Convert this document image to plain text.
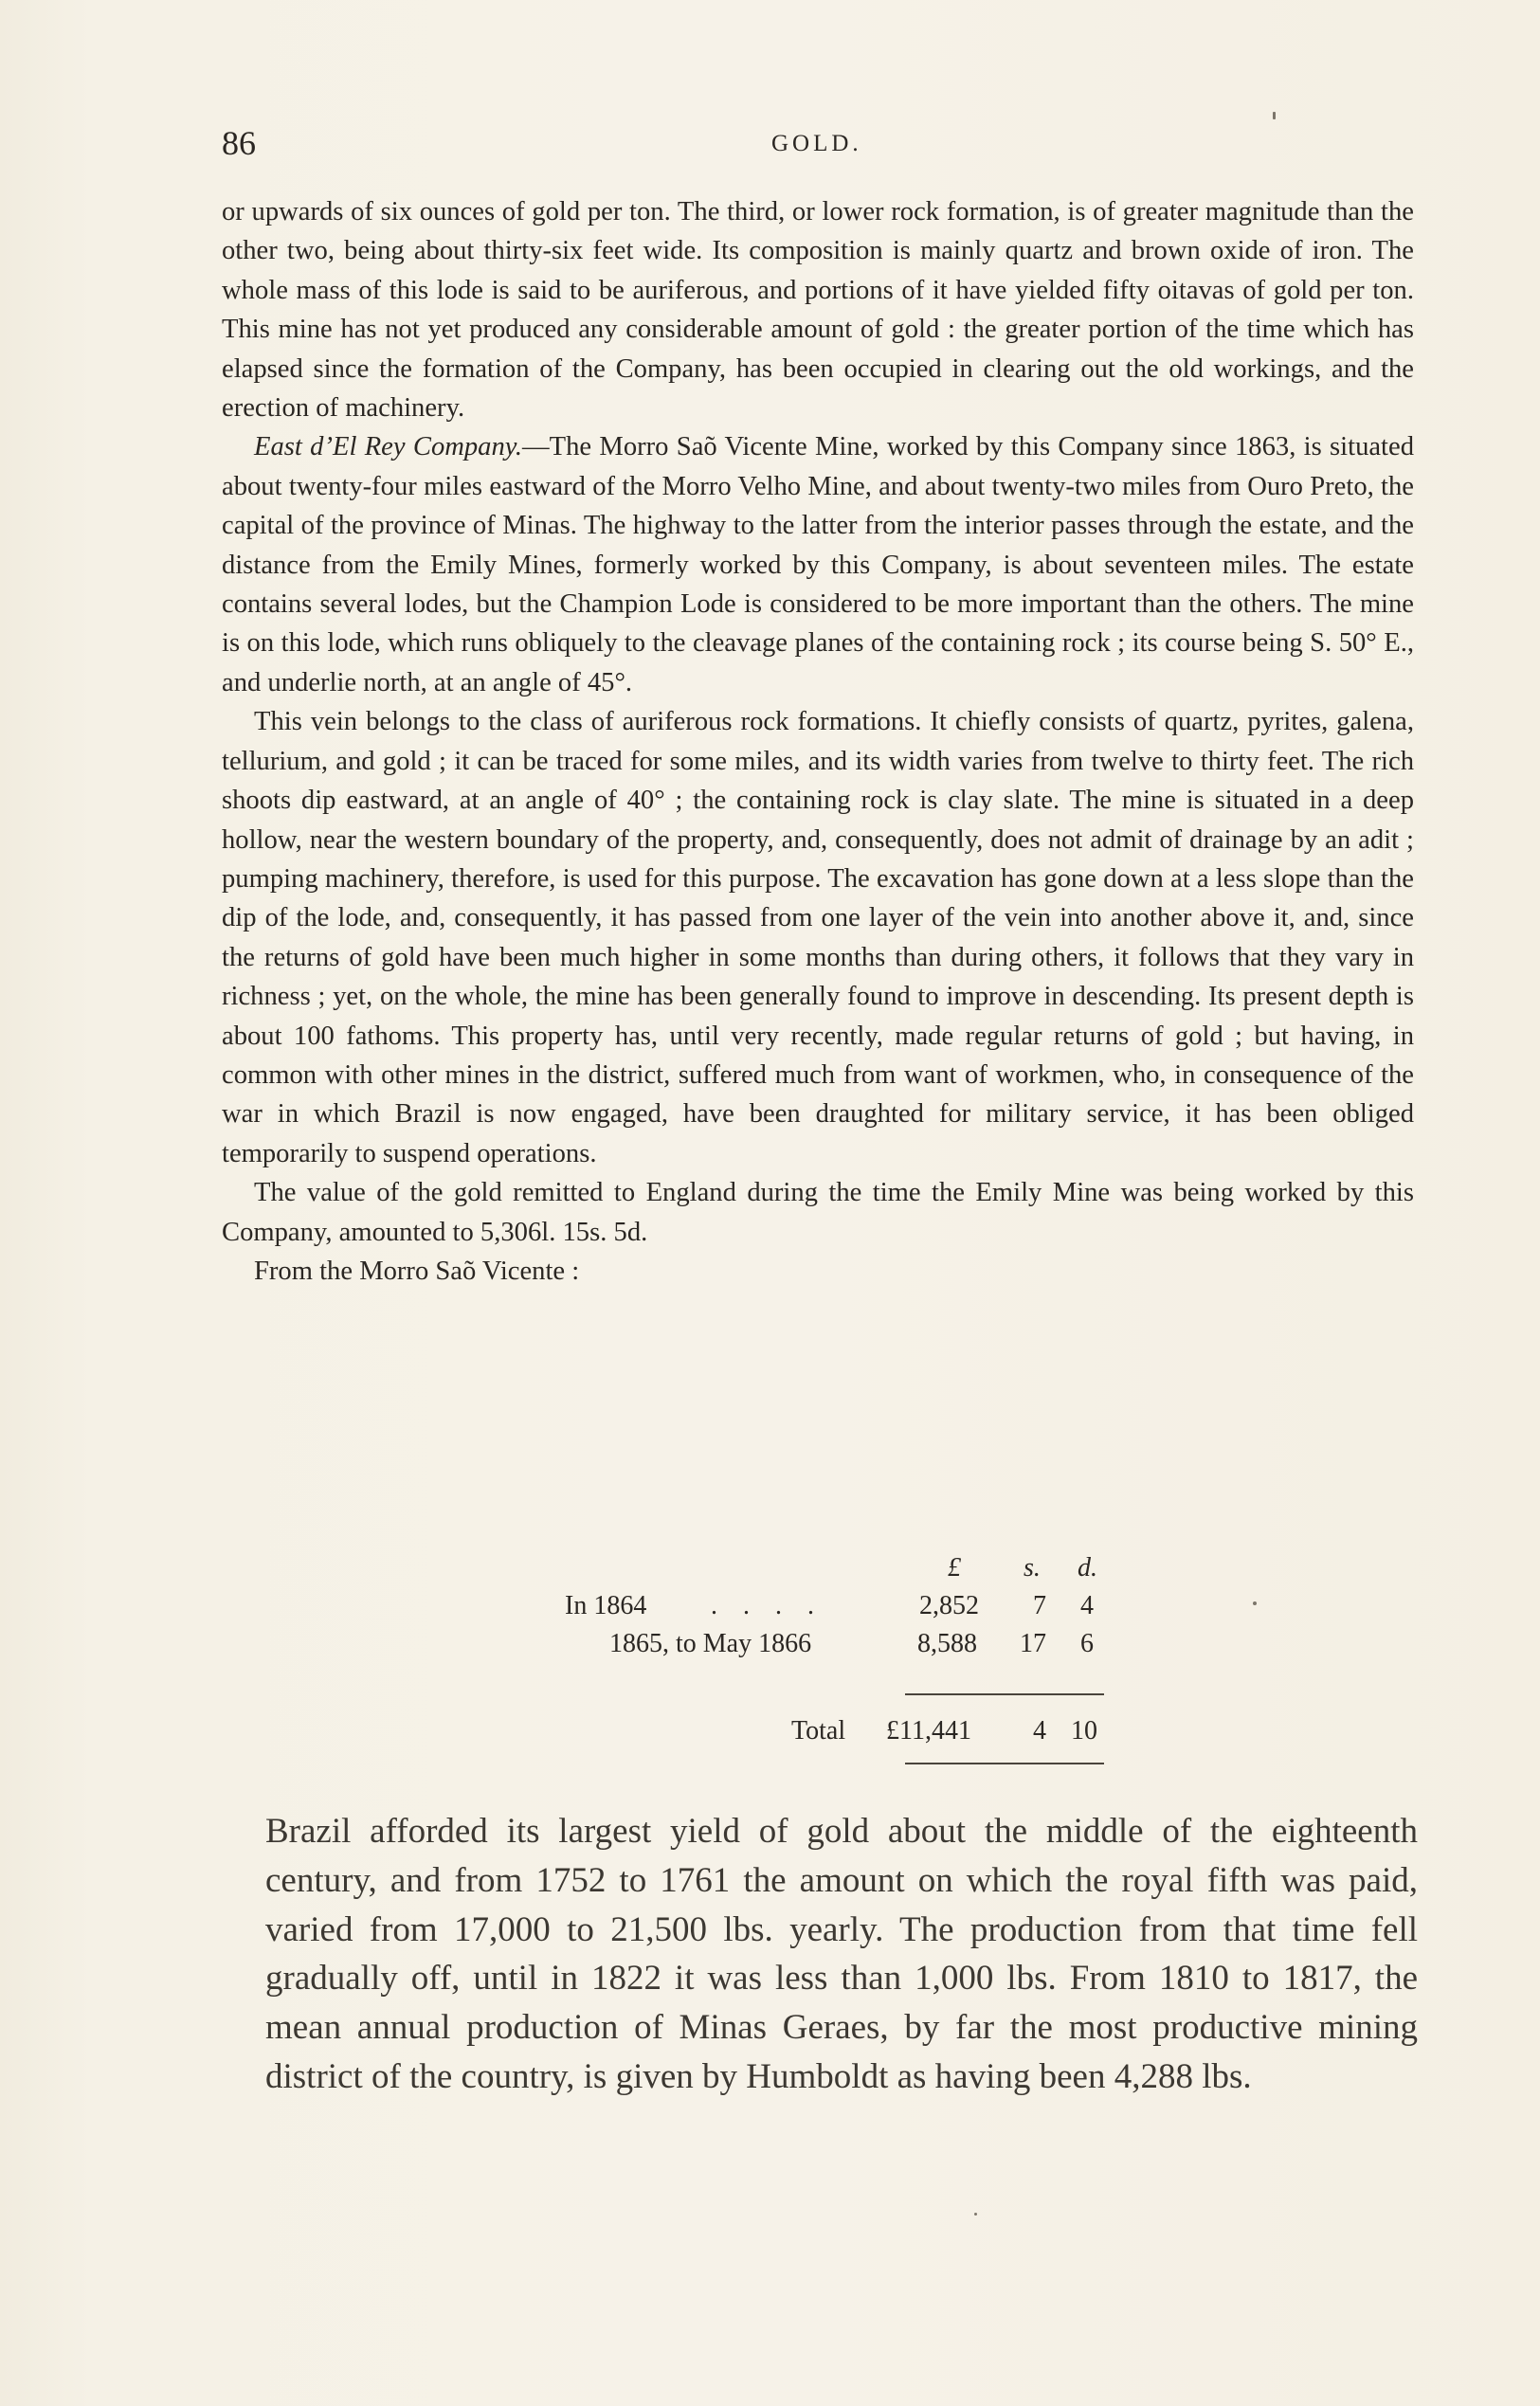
86	GOLD.

or upwards of six ounces of gold per ton. The third, or lower rock formation, is of greater magnitude than the other two, being about thirty-six feet wide. Its composition is mainly quartz and brown oxide of iron. The whole mass of this lode is said to be auriferous, and portions of it have yielded fifty oitavas of gold per ton. This mine has not yet produced any considerable amount of gold : the greater portion of the time which has elapsed since the formation of the Company, has been occupied in clearing out the old workings, and the erection of machinery.

East d’El Rey Company.—The Morro Saõ Vicente Mine, worked by this Company since 1863, is situated about twenty-four miles eastward of the Morro Velho Mine, and about twenty-two miles from Ouro Preto, the capital of the province of Minas. The highway to the latter from the interior passes through the estate, and the distance from the Emily Mines, formerly worked by this Company, is about seventeen miles. The estate contains several lodes, but the Champion Lode is considered to be more important than the others. The mine is on this lode, which runs obliquely to the cleavage planes of the containing rock ; its course being S. 50° E., and underlie north, at an angle of 45°.

This vein belongs to the class of auriferous rock formations. It chiefly consists of quartz, pyrites, galena, tellurium, and gold ; it can be traced for some miles, and its width varies from twelve to thirty feet. The rich shoots dip eastward, at an angle of 40° ; the containing rock is clay slate. The mine is situated in a deep hollow, near the western boundary of the property, and, consequently, does not admit of drainage by an adit ; pumping machinery, therefore, is used for this purpose. The excavation has gone down at a less slope than the dip of the lode, and, consequently, it has passed from one layer of the vein into another above it, and, since the returns of gold have been much higher in some months than during others, it follows that they vary in richness ; yet, on the whole, the mine has been generally found to improve in descending. Its present depth is about 100 fathoms. This property has, until very recently, made regular returns of gold ; but having, in common with other mines in the district, suffered much from want of workmen, who, in consequence of the war in which Brazil is now engaged, have been draughted for military service, it has been obliged temporarily to suspend operations.

The value of the gold remitted to England during the time the Emily Mine was being worked by this Company, amounted to 5,306l. 15s. 5d.

From the Morro Saõ Vicente :

£ s. d.
In 1864 . . . .	2,852 7 4
1865, to May 1866	8,588 17 6
Total £11,441 4 10

Brazil afforded its largest yield of gold about the middle of the eighteenth century, and from 1752 to 1761 the amount on which the royal fifth was paid, varied from 17,000 to 21,500 lbs. yearly. The production from that time fell gradually off, until in 1822 it was less than 1,000 lbs. From 1810 to 1817, the mean annual production of Minas Geraes, by far the most productive mining district of the country, is given by Humboldt as having been 4,288 lbs.
